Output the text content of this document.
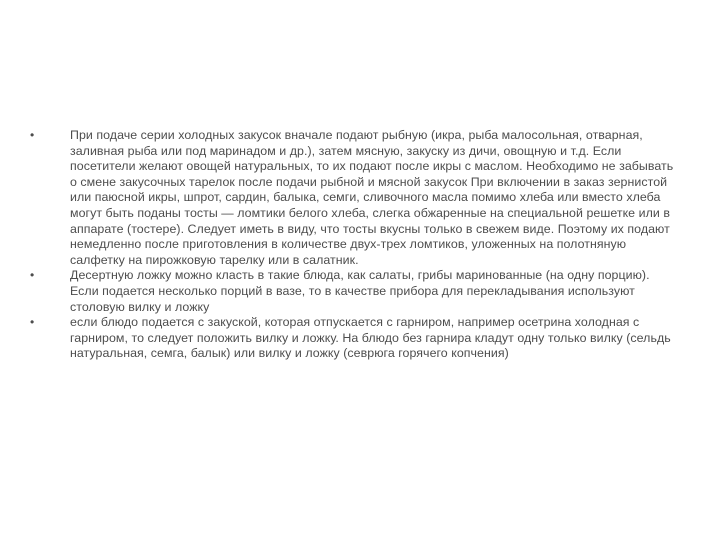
•	При подаче серии холодных закусок вначале подают рыбную (икра, рыба малосольная, отварная, заливная рыба или под маринадом и др.), затем мясную, закуску из дичи, овощную и т.д. Если посетители желают овощей натуральных, то их подают после икры с маслом. Необходимо не забывать о смене закусочных тарелок после подачи рыбной и мясной закусок При включении в заказ зернистой или паюсной икры, шпрот, сардин, балыка, семги, сливочного масла помимо хлеба или вместо хлеба могут быть поданы тосты — ломтики белого хлеба, слегка обжаренные на специальной решетке или в аппарате (тостере). Следует иметь в виду, что тосты вкусны только в свежем виде. Поэтому их подают немедленно после приготовления в количестве двух-трех ломтиков, уложенных на полотняную салфетку на пирожковую тарелку или в салатник.
•	Десертную ложку можно класть в такие блюда, как салаты, грибы маринованные (на одну порцию). Если подается несколько порций в вазе, то в качестве прибора для перекладывания используют столовую вилку и ложку
•	если блюдо подается с закуской, которая отпускается с гарниром, например осетрина холодная с гарниром, то следует положить вилку и ложку. На блюдо без гарнира кладут одну только вилку (сельдь натуральная, семга, балык) или вилку и ложку (севрюга горячего копчения)
